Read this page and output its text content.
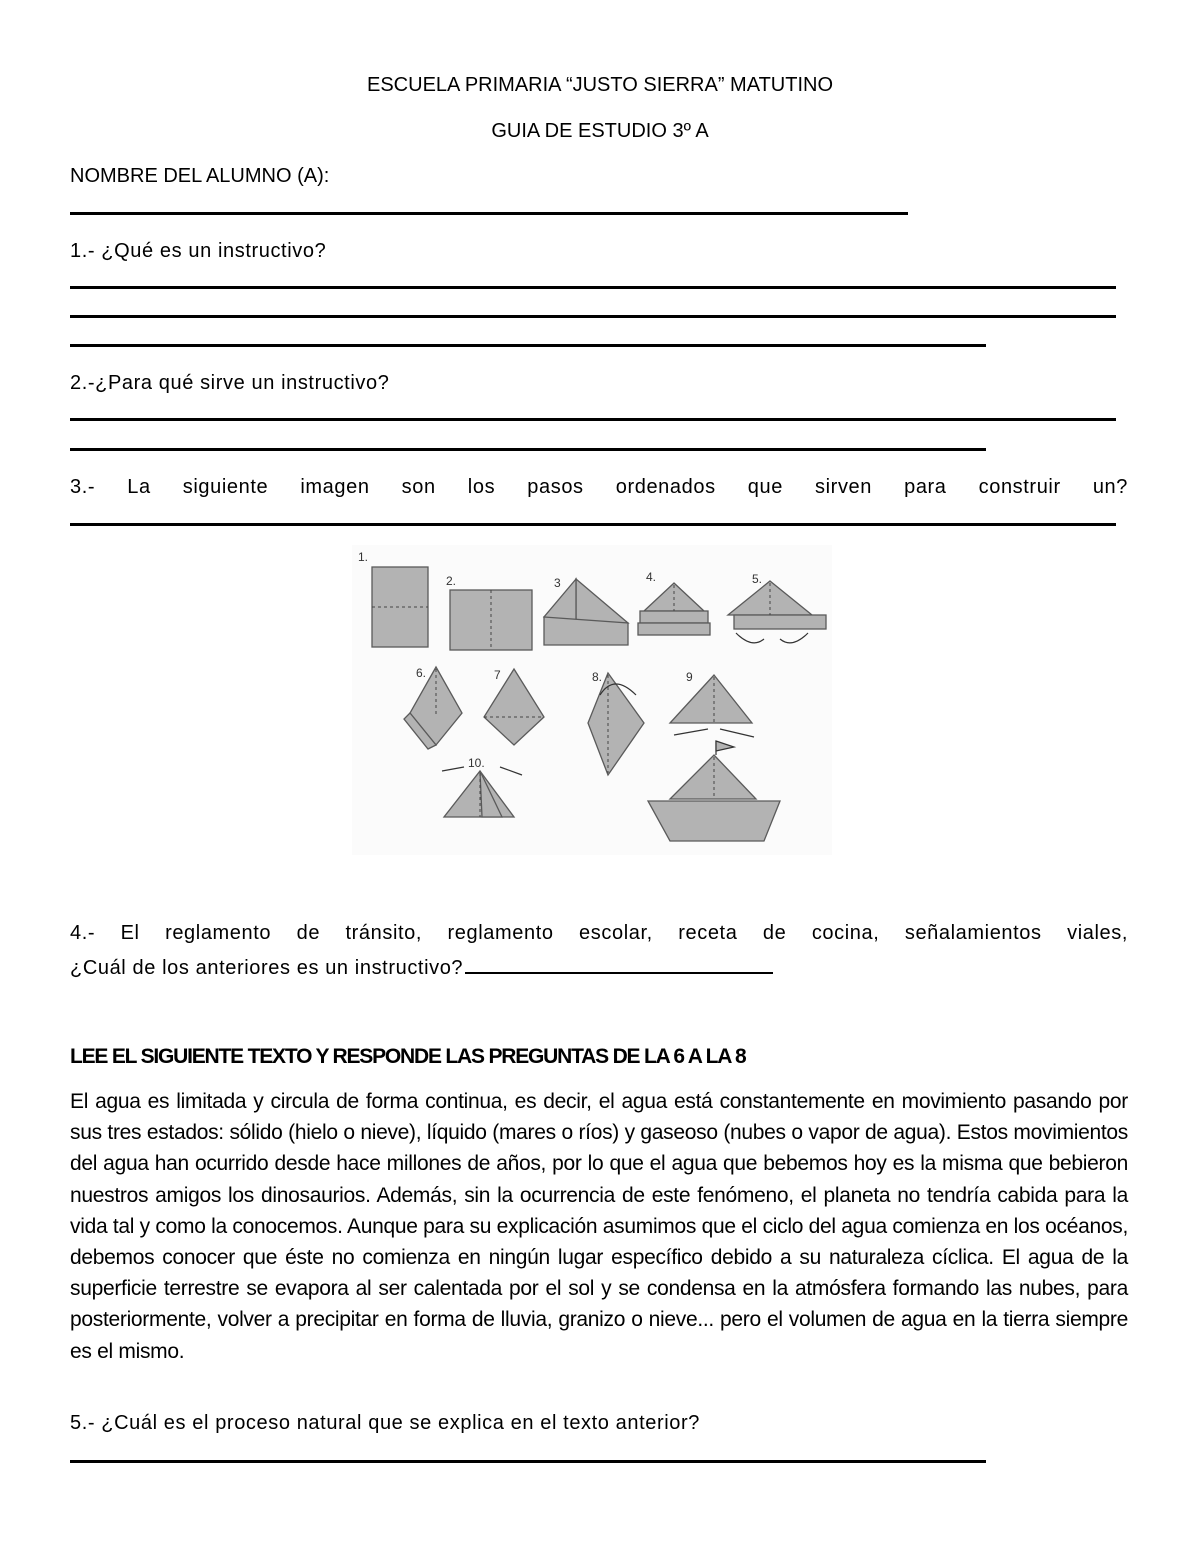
ESCUELA PRIMARIA “JUSTO SIERRA” MATUTINO

GUIA DE ESTUDIO 3º A

NOMBRE DEL ALUMNO (A):

1.- ¿Qué es un instructivo?

2.-¿Para qué sirve un instructivo?

3.- La siguiente imagen son los pasos ordenados que sirven para construir un?

1.
2.	3	4.	5.
6.	7	8.	9
10.

4.- El reglamento de tránsito, reglamento escolar, receta de cocina, señalamientos viales,

¿Cuál de los anteriores es un instructivo?

LEE EL SIGUIENTE TEXTO Y RESPONDE LAS PREGUNTAS DE LA 6 A LA 8

El agua es limitada y circula de forma continua, es decir, el agua está constantemente en movimiento pasando por sus tres estados: sólido (hielo o nieve), líquido (mares o ríos) y gaseoso (nubes o vapor de agua). Estos movimientos del agua han ocurrido desde hace millones de años, por lo que el agua que bebemos hoy es la misma que bebieron nuestros amigos los dinosaurios. Además, sin la ocurrencia de este fenómeno, el planeta no tendría cabida para la vida tal y como la conocemos. Aunque para su explicación asumimos que el ciclo del agua comienza en los océanos, debemos conocer que éste no comienza en ningún lugar específico debido a su naturaleza cíclica. El agua de la superficie terrestre se evapora al ser calentada por el sol y se condensa en la atmósfera formando las nubes, para posteriormente, volver a precipitar en forma de lluvia, granizo o nieve... pero el volumen de agua en la tierra siempre es el mismo.

5.- ¿Cuál es el proceso natural que se explica en el texto anterior?
